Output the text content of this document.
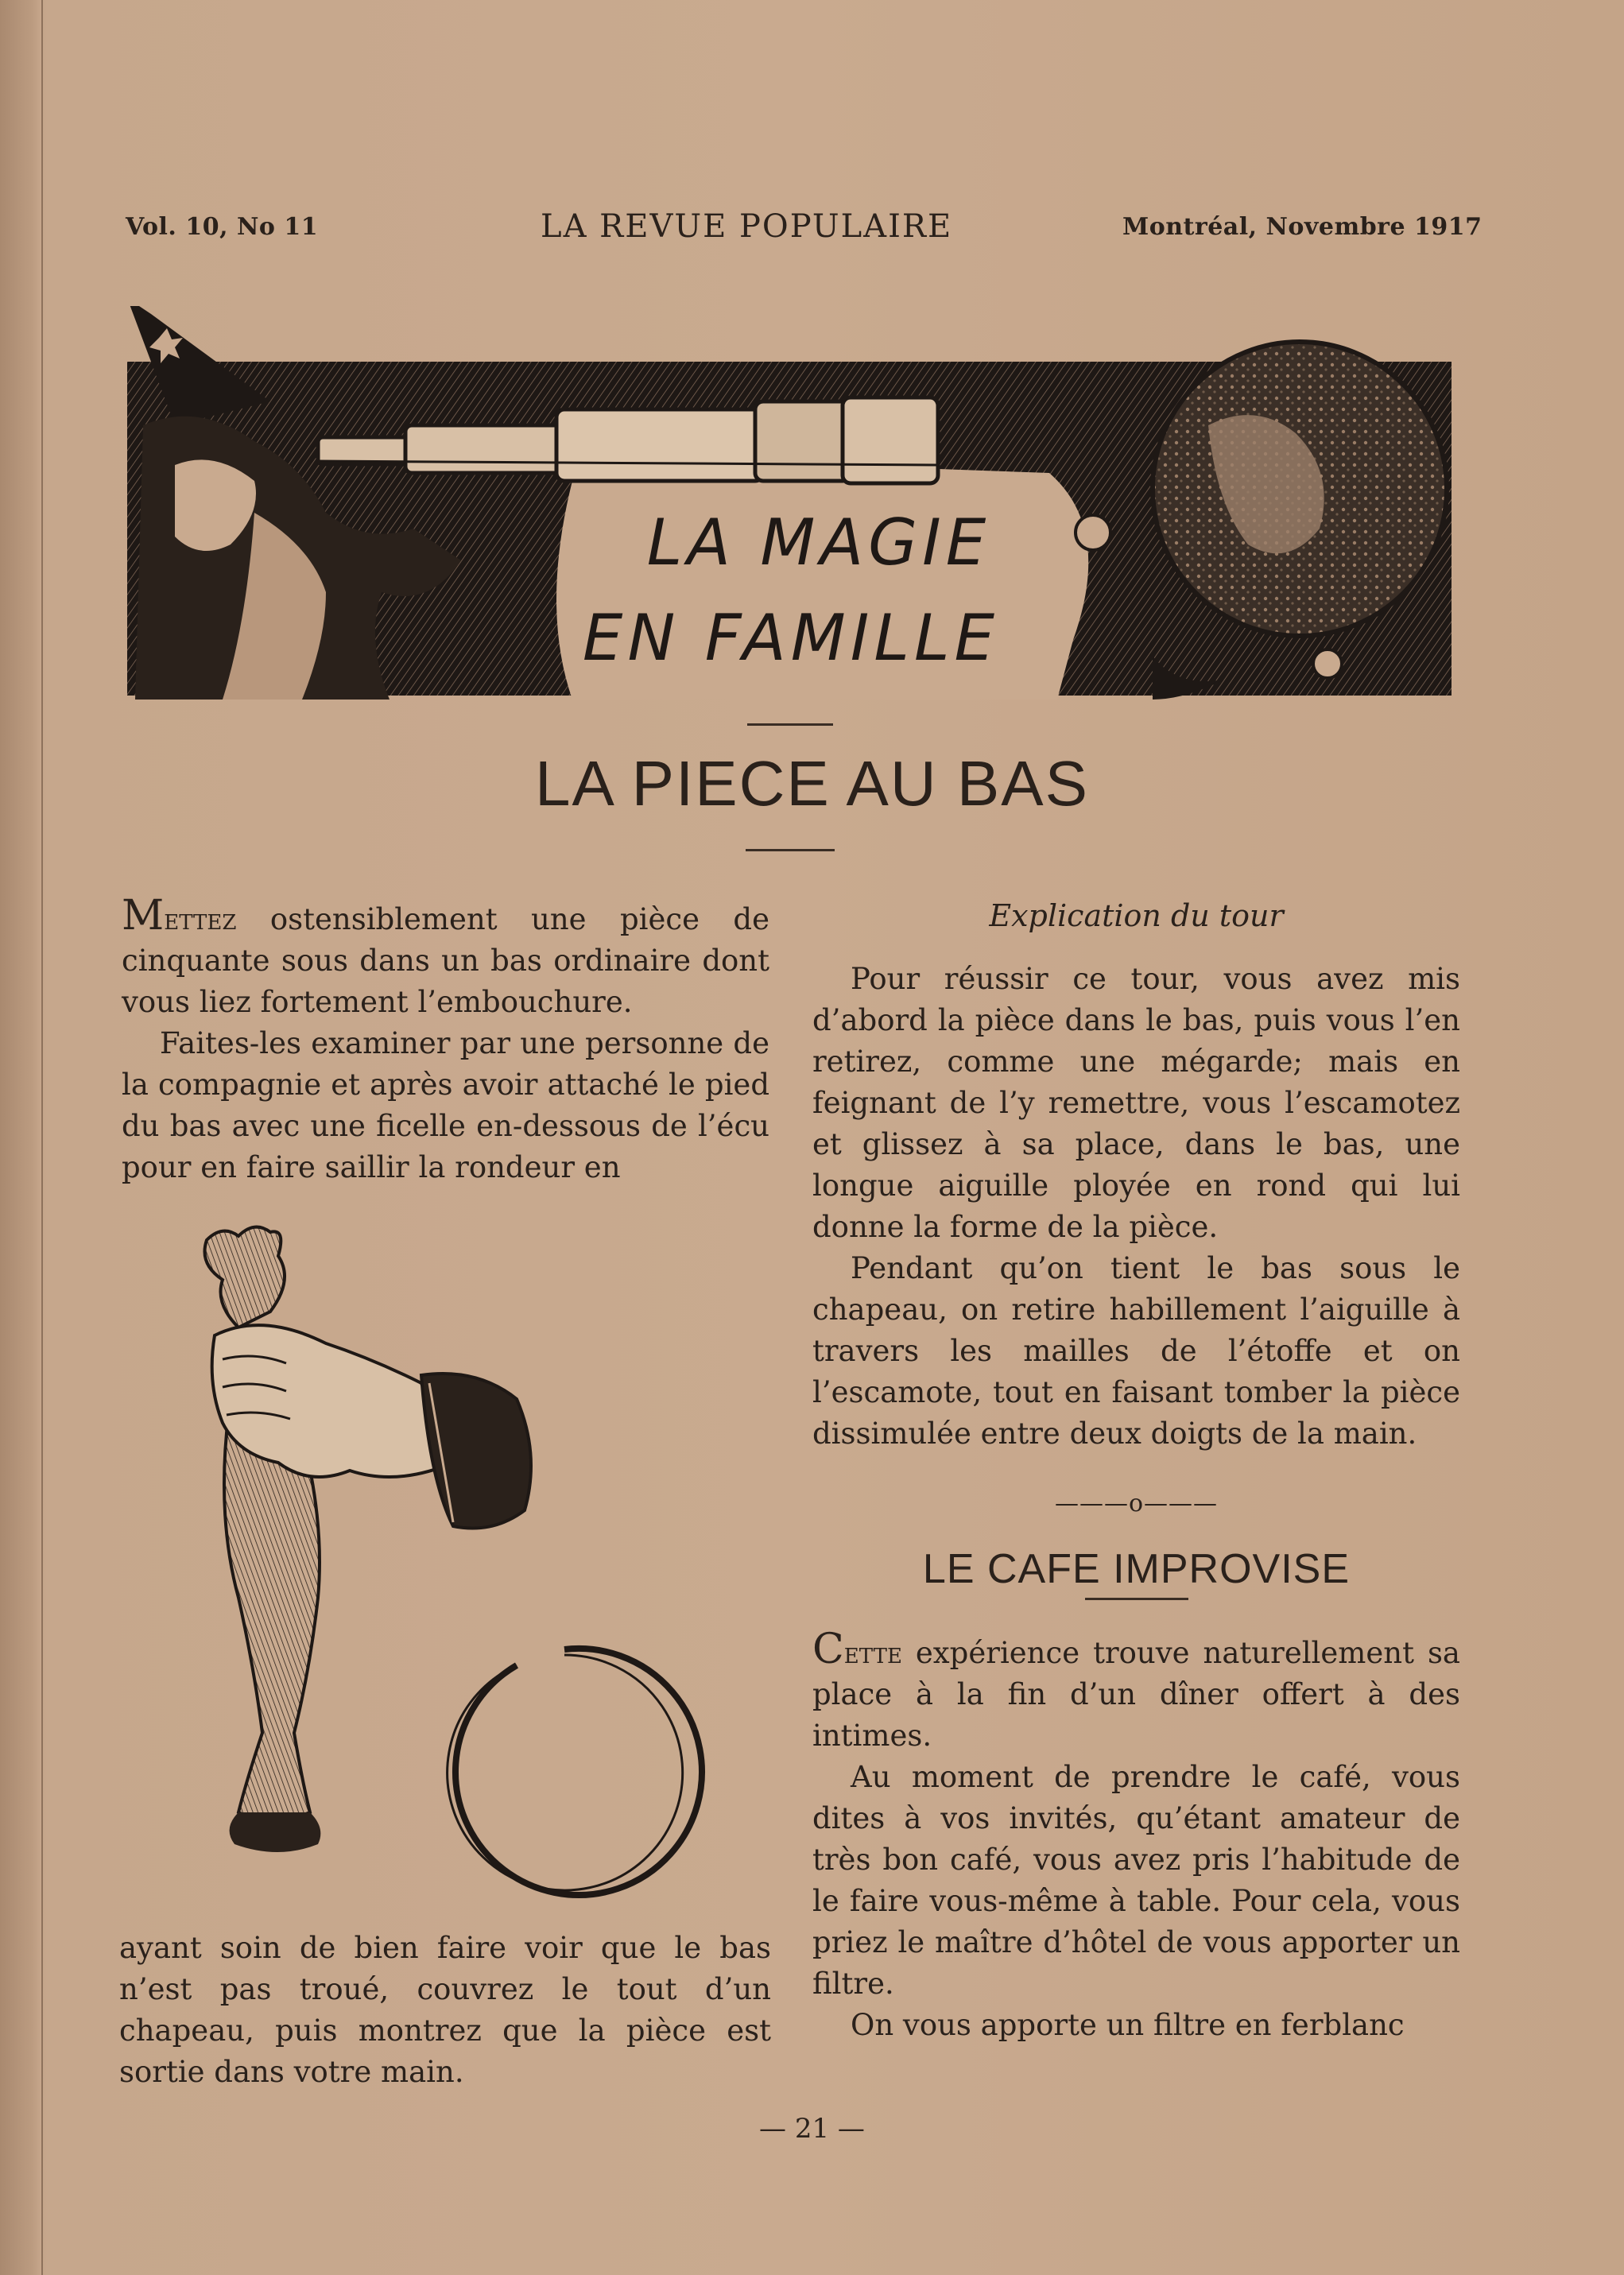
Vol. 10, No 11	LA REVUE POPULAIRE	Montréal, Novembre 1917
LA MAGIE
EN FAMILLE
LA PIECE AU BAS

Mettez ostensiblement une pièce de cinquante sous dans un bas ordinaire dont vous liez fortement l’embouchure.

Faites-les examiner par une personne de la compagnie et après avoir attaché le pied du bas avec une ficelle en-dessous de l’écu pour en faire saillir la rondeur en

ayant soin de bien faire voir que le bas n’est pas troué, couvrez le tout d’un chapeau, puis montrez que la pièce est sortie dans votre main.

Explication du tour

Pour réussir ce tour, vous avez mis d’abord la pièce dans le bas, puis vous l’en retirez, comme une mégarde; mais en feignant de l’y remettre, vous l’escamotez et glissez à sa place, dans le bas, une longue aiguille ployée en rond qui lui donne la forme de la pièce.

Pendant qu’on tient le bas sous le chapeau, on retire habillement l’aiguille à travers les mailles de l’étoffe et on l’escamote, tout en faisant tomber la pièce dissimulée entre deux doigts de la main.

———o———

LE CAFE IMPROVISE

Cette expérience trouve naturellement sa place à la fin d’un dîner offert à des intimes.

Au moment de prendre le café, vous dites à vos invités, qu’étant amateur de très bon café, vous avez pris l’habitude de le faire vous-même à table. Pour cela, vous priez le maître d’hôtel de vous apporter un filtre.

On vous apporte un filtre en ferblanc

— 21 —
